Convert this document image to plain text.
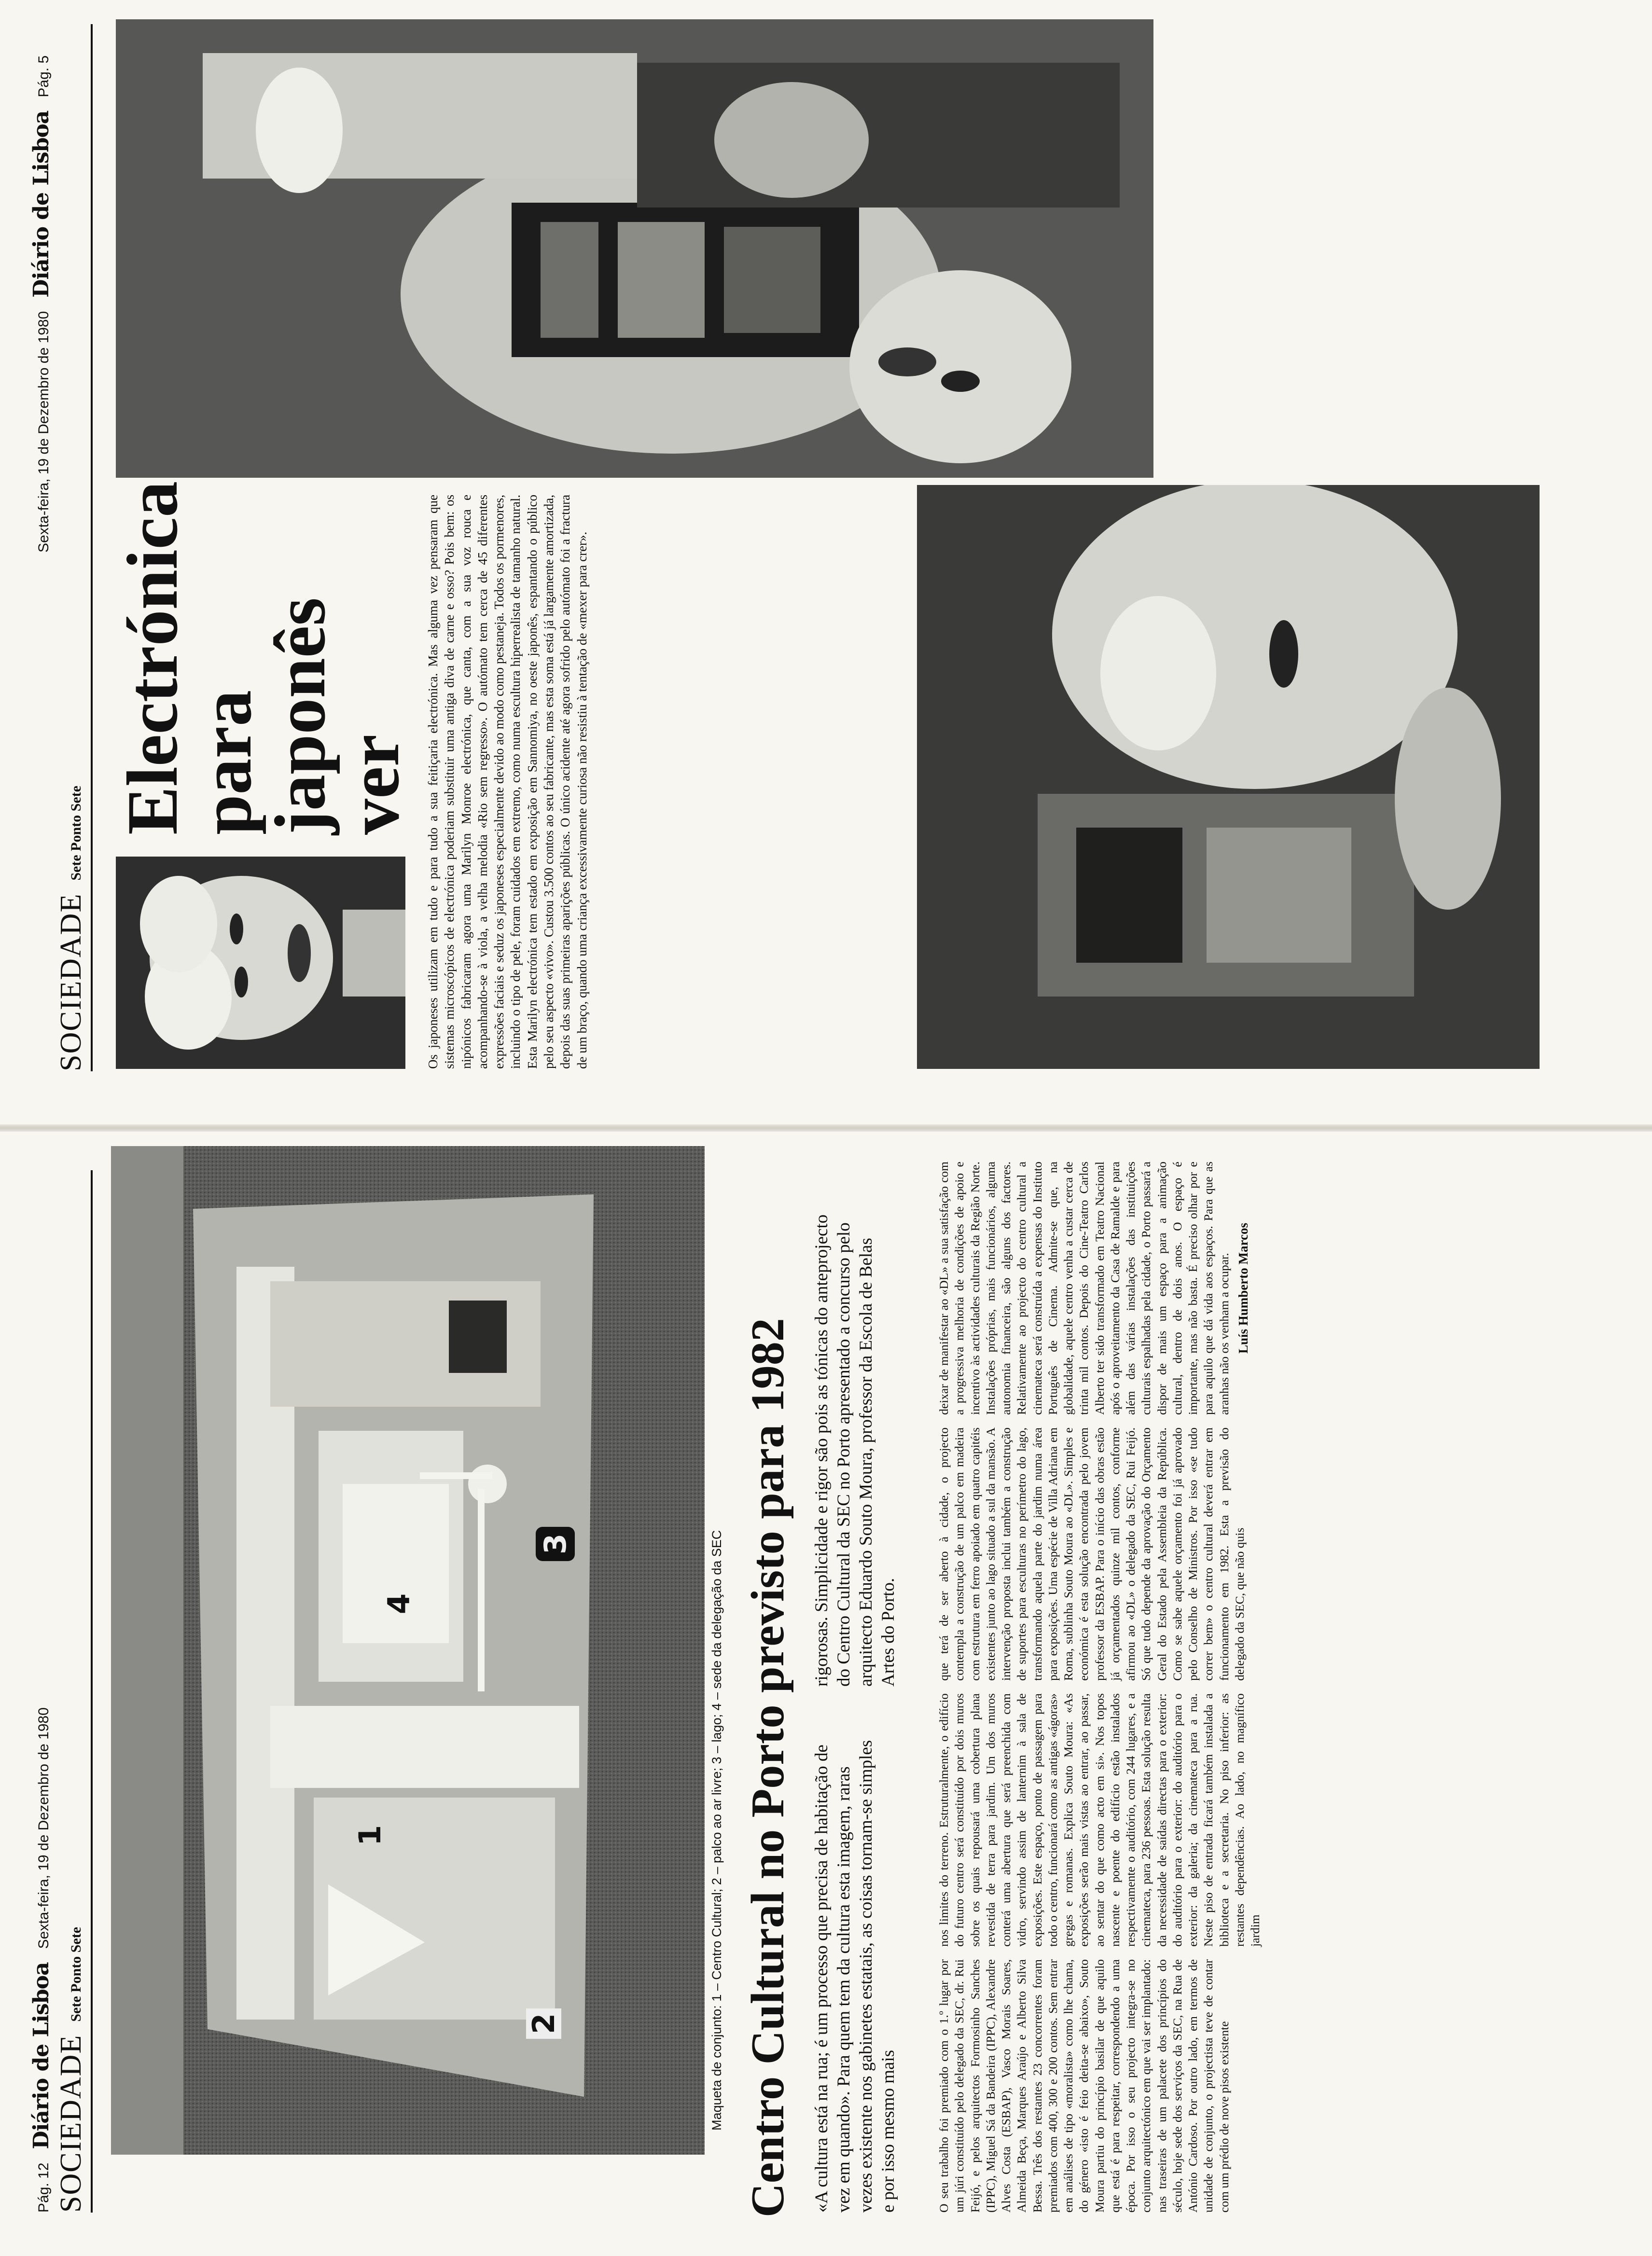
Pág. 12
Diário de Lisboa
Sexta-feira, 19 de Dezembro de 1980
SOCIEDADE
Sete Ponto Sete
1
2
3
4	Maqueta de conjunto: 1 – Centro Cultural; 2 – palco ao ar livre; 3 – lago; 4 – sede da delegação da SEC Centro Cultural no Porto previsto para 1982 «A cultura está na rua; é um processo que precisa de habitação de vez em quando». Para quem tem da cultura esta imagem, raras vezes existente nos gabinetes estatais, as coisas tornam-se simples e por isso mesmo mais
rigorosas. Simplicidade e rigor são pois as tónicas do anteprojecto do Centro Cultural da SEC no Porto apresentado a concurso pelo arquitecto Eduardo Souto Moura, professor da Escola de Belas Artes do Porto.

O seu trabalho foi premiado com o 1.º lugar por um júri constituído pelo delegado da SEC, dr. Rui Feijó, e pelos arquitectos Formosinho Sanches (IPPC), Miguel Sá da Bandeira (IPPC), Alexandre Alves Costa (ESBAP), Vasco Morais Soares, Almeida Beça, Marques Araújo e Alberto Silva Bessa. Três dos restantes 23 concorrentes foram premiados com 400, 300 e 200 contos. Sem entrar em análises de tipo «moralista» como lhe chama, do género «isto é feio deita-se abaixo», Souto Moura partiu do princípio basilar de que aquilo que está é para respeitar, correspondendo a uma época. Por isso o seu projecto integra-se no conjunto arquitectónico em que vai ser implantado: nas traseiras de um palacete dos princípios do século, hoje sede dos serviços da SEC, na Rua de António Cardoso. Por outro lado, em termos de unidade de conjunto, o projectista teve de contar com um prédio de nove pisos existente

nos limites do terreno. Estruturalmente, o edifício do futuro centro será constituído por dois muros sobre os quais repousará uma cobertura plana revestida de terra para jardim. Um dos muros conterá uma abertura que será preenchida com vidro, servindo assim de lanternim à sala de exposições. Este espaço, ponto de passagem para todo o centro, funcionará como as antigas «ágoras» gregas e romanas. Explica Souto Moura: «As exposições serão mais vistas ao entrar, ao passar, ao sentar do que como acto em si». Nos topos nascente e poente do edifício estão instalados respectivamente o auditório, com 244 lugares, e a cinemateca, para 236 pessoas. Esta solução resulta da necessidade de saídas directas para o exterior: do auditório para o exterior: do auditório para o exterior: da galeria; da cinemateca para a rua. Neste piso de entrada ficará também instalada a biblioteca e a secretaria. No piso inferior: as restantes dependências. Ao lado, no magnífico jardim

que terá de ser aberto à cidade, o projecto contempla a construção de um palco em madeira com estrutura em ferro apoiado em quatro capitéis existentes junto ao lago situado a sul da mansão. A intervenção proposta inclui também a construção de suportes para esculturas no perímetro do lago, transformando aquela parte do jardim numa área para exposições. Uma espécie de Villa Adriana em Roma, sublinha Souto Moura ao «DL». Simples e económica é esta solução encontrada pelo jovem professor da ESBAP. Para o início das obras estão já orçamentados quinze mil contos, conforme afirmou ao «DL» o delegado da SEC, Rui Feijó. Só que tudo depende da aprovação do Orçamento Geral do Estado pela Assembleia da República. Como se sabe aquele orçamento foi já aprovado pelo Conselho de Ministros. Por isso «se tudo correr bem» o centro cultural deverá entrar em funcionamento em 1982. Esta a previsão do delegado da SEC, que não quis

deixar de manifestar ao «DL» a sua satisfação com a progressiva melhoria de condições de apoio e incentivo às actividades culturais da Região Norte. Instalações próprias, mais funcionários, alguma autonomia financeira, são alguns dos factores. Relativamente ao projecto do centro cultural a cinemateca será construída a expensas do Instituto Português de Cinema. Admite-se que, na globalidade, aquele centro venha a custar cerca de trinta mil contos. Depois do Cine-Teatro Carlos Alberto ter sido transformado em Teatro Nacional após o aproveitamento da Casa de Ramalde e para além das várias instalações das instituições culturais espalhadas pela cidade, o Porto passará a dispor de mais um espaço para a animação cultural, dentro de dois anos. O espaço é importante, mas não basta. É preciso olhar por e para aquilo que dá vida aos espaços. Para que as aranhas não os venham a ocupar. Luís Humberto Marcos
Sexta-feira, 19 de Dezembro de 1980
Diário de Lisboa
Pág. 5
SOCIEDADE
Sete Ponto Sete Electrónica
para
japonês
ver Os japoneses utilizam em tudo e para tudo a sua feitiçaria electrónica. Mas alguma vez pensaram que sistemas microscópicos de electrónica poderiam substituir uma antiga diva de carne e osso? Pois bem: os nipónicos fabricaram agora uma Marilyn Monroe electrónica, que canta, com a sua voz rouca e acompanhando-se à viola, a velha melodia «Rio sem regresso». O autómato tem cerca de 45 diferentes expressões faciais e seduz os japoneses especialmente devido ao modo como pestaneja. Todos os pormenores, incluindo o tipo de pele, foram cuidados em extremo, como numa escultura hiperrealista de tamanho natural. Esta Marilyn electrónica tem estado em exposição em Sannomiya, no oeste japonês, espantando o público pelo seu aspecto «vivo». Custou 3.500 contos ao seu fabricante, mas esta soma está já largamente amortizada, depois das suas primeiras aparições públicas. O único acidente até agora sofrido pelo autómato foi a fractura de um braço, quando uma criança excessivamente curiosa não resistiu à tentação de «mexer para crer».
